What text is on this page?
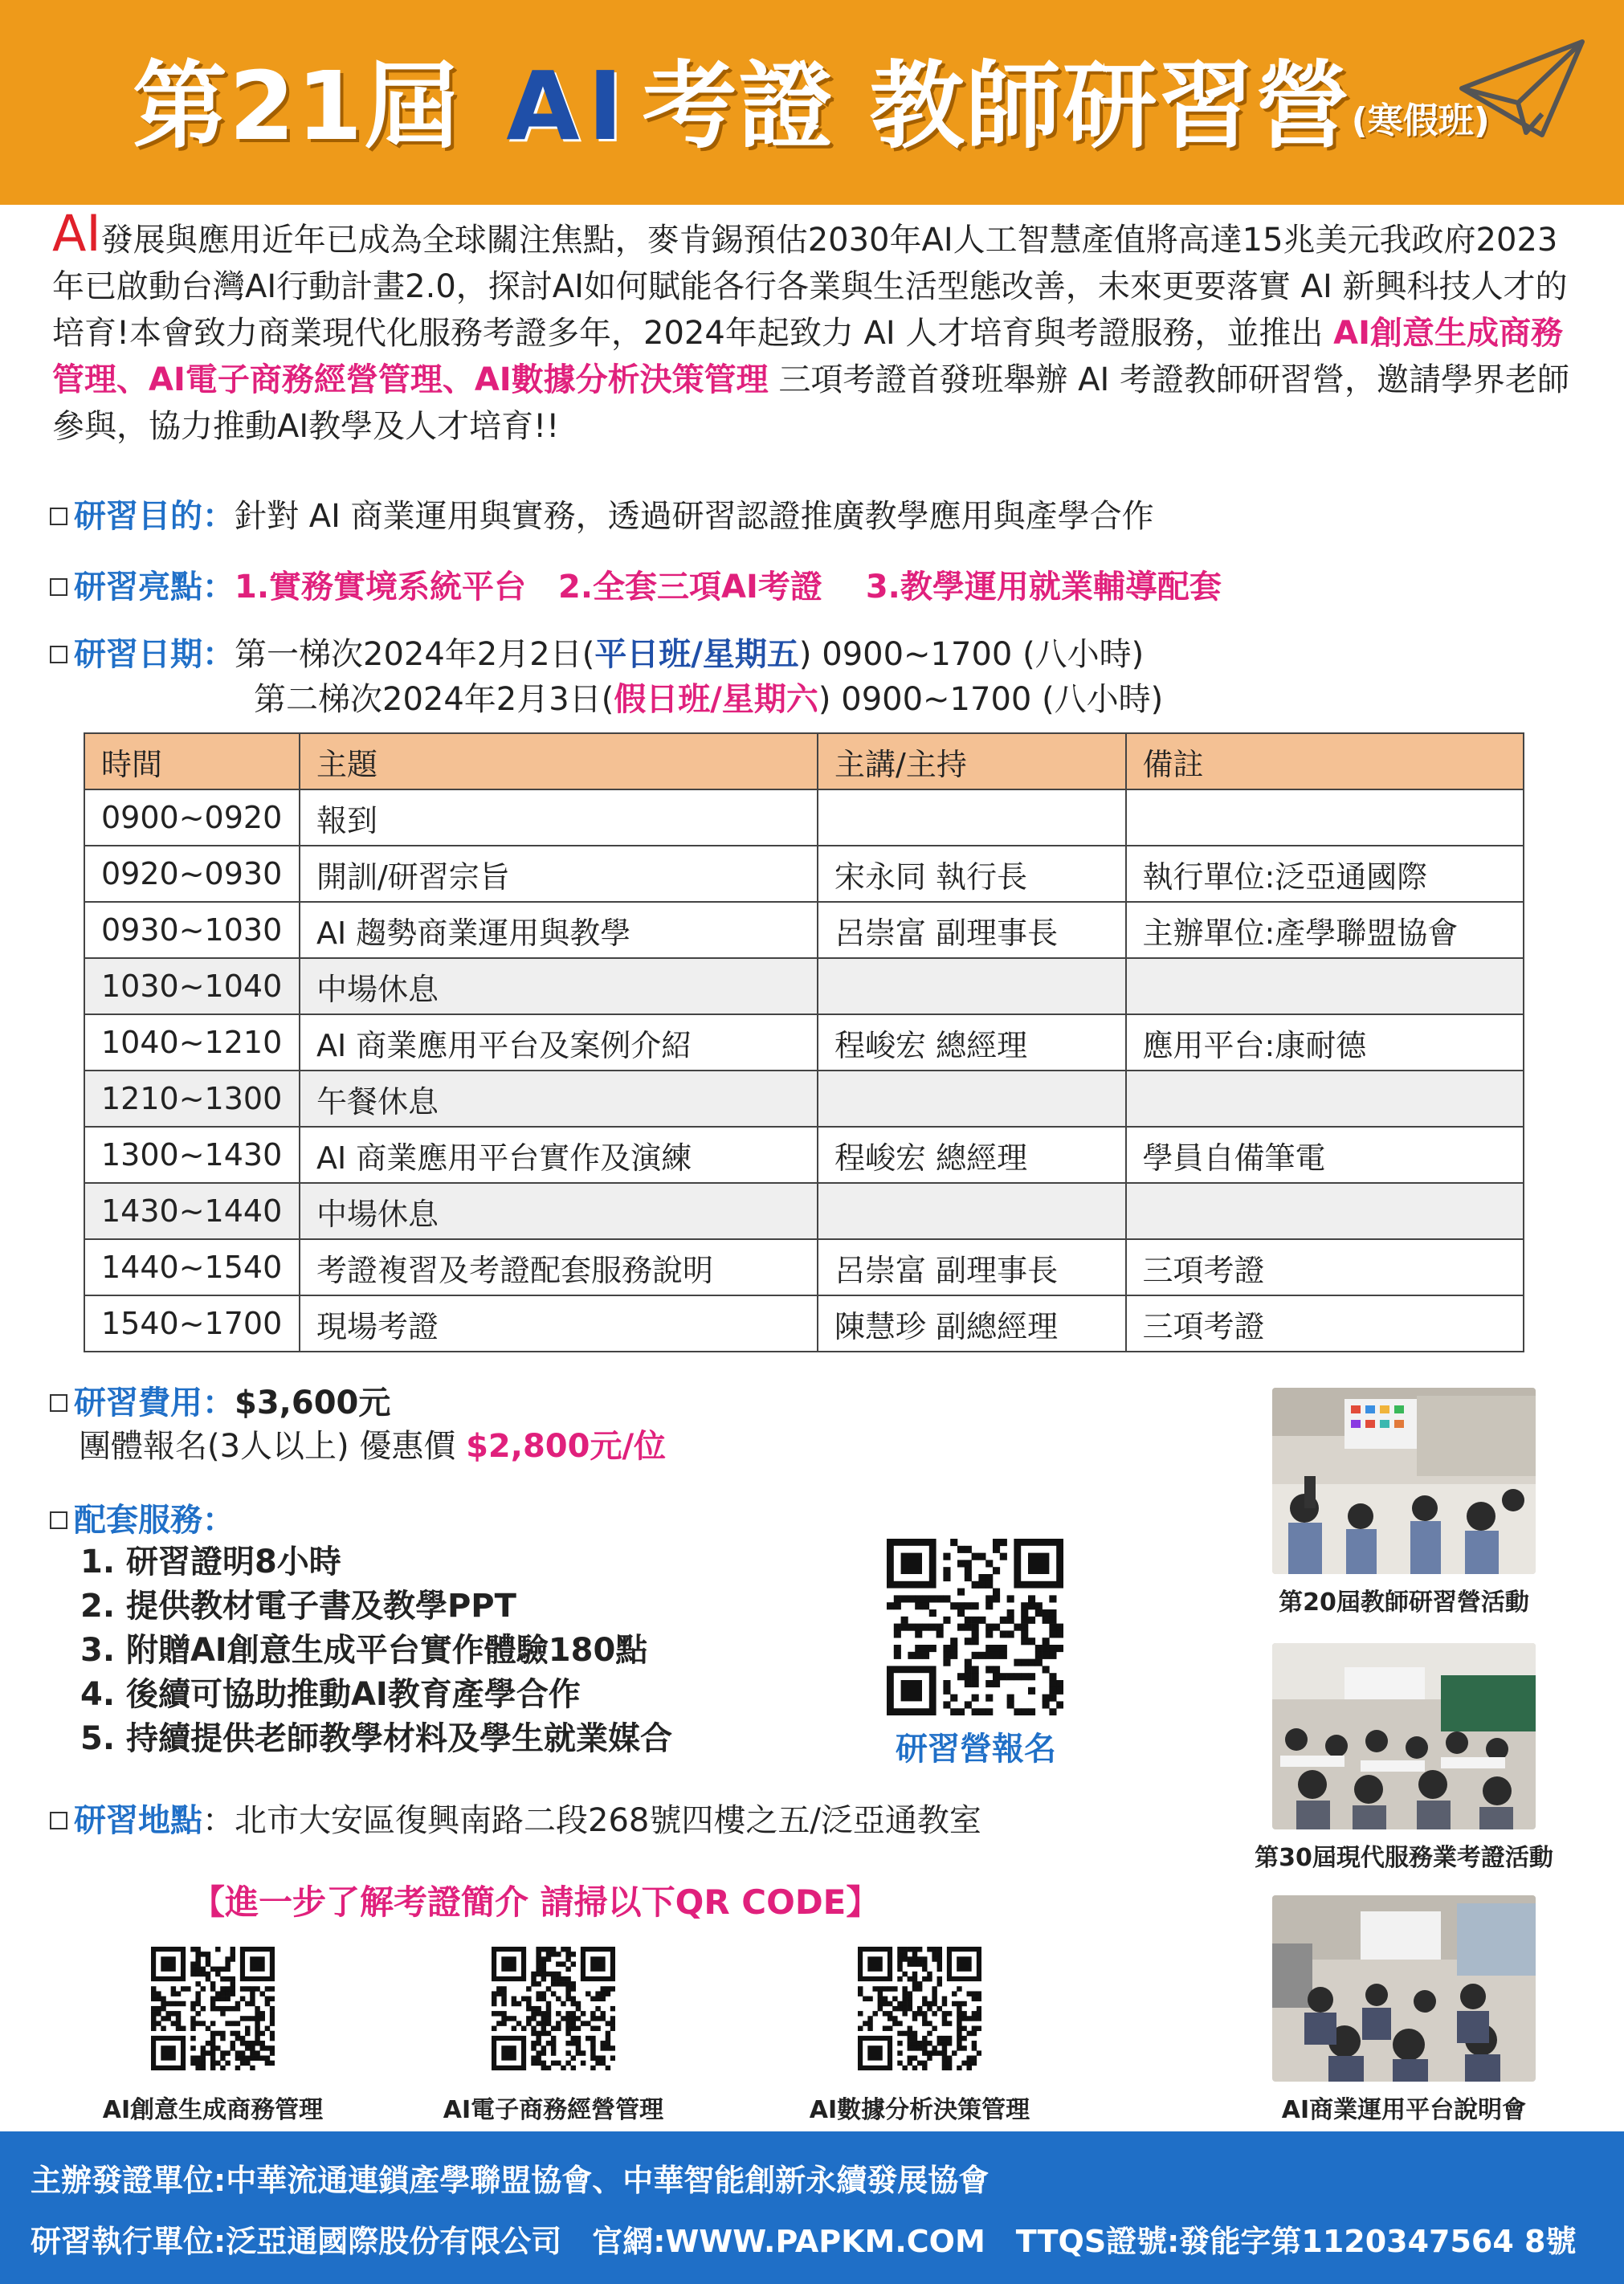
第21屆 AI 考證 教師研習營(寒假班)
AI發展與應用近年已成為全球關注焦點，麥肯錫預估2030年AI人工智慧產值將高達15兆美元我政府2023年已啟動台灣AI行動計畫2.0，探討AI如何賦能各行各業與生活型態改善，未來更要落實 AI 新興科技人才的培育!本會致力商業現代化服務考證多年，2024年起致力 AI 人才培育與考證服務，並推出 AI創意生成商務管理、AI電子商務經營管理、AI數據分析決策管理 三項考證首發班舉辦 AI 考證教師研習營，邀請學界老師參與，協力推動AI教學及人才培育!!
研習目的：針對 AI 商業運用與實務，透過研習認證推廣教學應用與產學合作
研習亮點：1.實務實境系統平台　2.全套三項AI考證　 3.教學運用就業輔導配套
研習日期：第一梯次2024年2月2日(平日班/星期五) 0900~1700 (八小時)
第二梯次2024年2月3日(假日班/星期六) 0900~1700 (八小時)
時間	主題	主講/主持	備註
0900~0920	報到		
0920~0930	開訓/研習宗旨	宋永同 執行長	執行單位:泛亞通國際
0930~1030	AI 趨勢商業運用與教學	呂崇富 副理事長	主辦單位:產學聯盟協會
1030~1040	中場休息		
1040~1210	AI 商業應用平台及案例介紹	程峻宏 總經理	應用平台:康耐德
1210~1300	午餐休息		
1300~1430	AI 商業應用平台實作及演練	程峻宏 總經理	學員自備筆電
1430~1440	中場休息		
1440~1540	考證複習及考證配套服務說明	呂崇富 副理事長	三項考證
1540~1700	現場考證	陳慧珍 副總經理	三項考證
研習費用：$3,600元
團體報名(3人以上) 優惠價 $2,800元/位
配套服務：
1. 研習證明8小時
2. 提供教材電子書及教學PPT
3. 附贈AI創意生成平台實作體驗180點
4. 後續可協助推動AI教育產學合作
5. 持續提供老師教學材料及學生就業媒合	研習營報名
研習地點：北市大安區復興南路二段268號四樓之五/泛亞通教室
【進一步了解考證簡介 請掃以下QR CODE】
AI創意生成商務管理	AI電子商務經營管理	AI數據分析決策管理
第20屆教師研習營活動
第30屆現代服務業考證活動
AI商業運用平台說明會
主辦發證單位:中華流通連鎖產學聯盟協會、中華智能創新永續發展協會
研習執行單位:泛亞通國際股份有限公司　官網:WWW.PAPKM.COM　TTQS證號:發能字第1120347564 8號
